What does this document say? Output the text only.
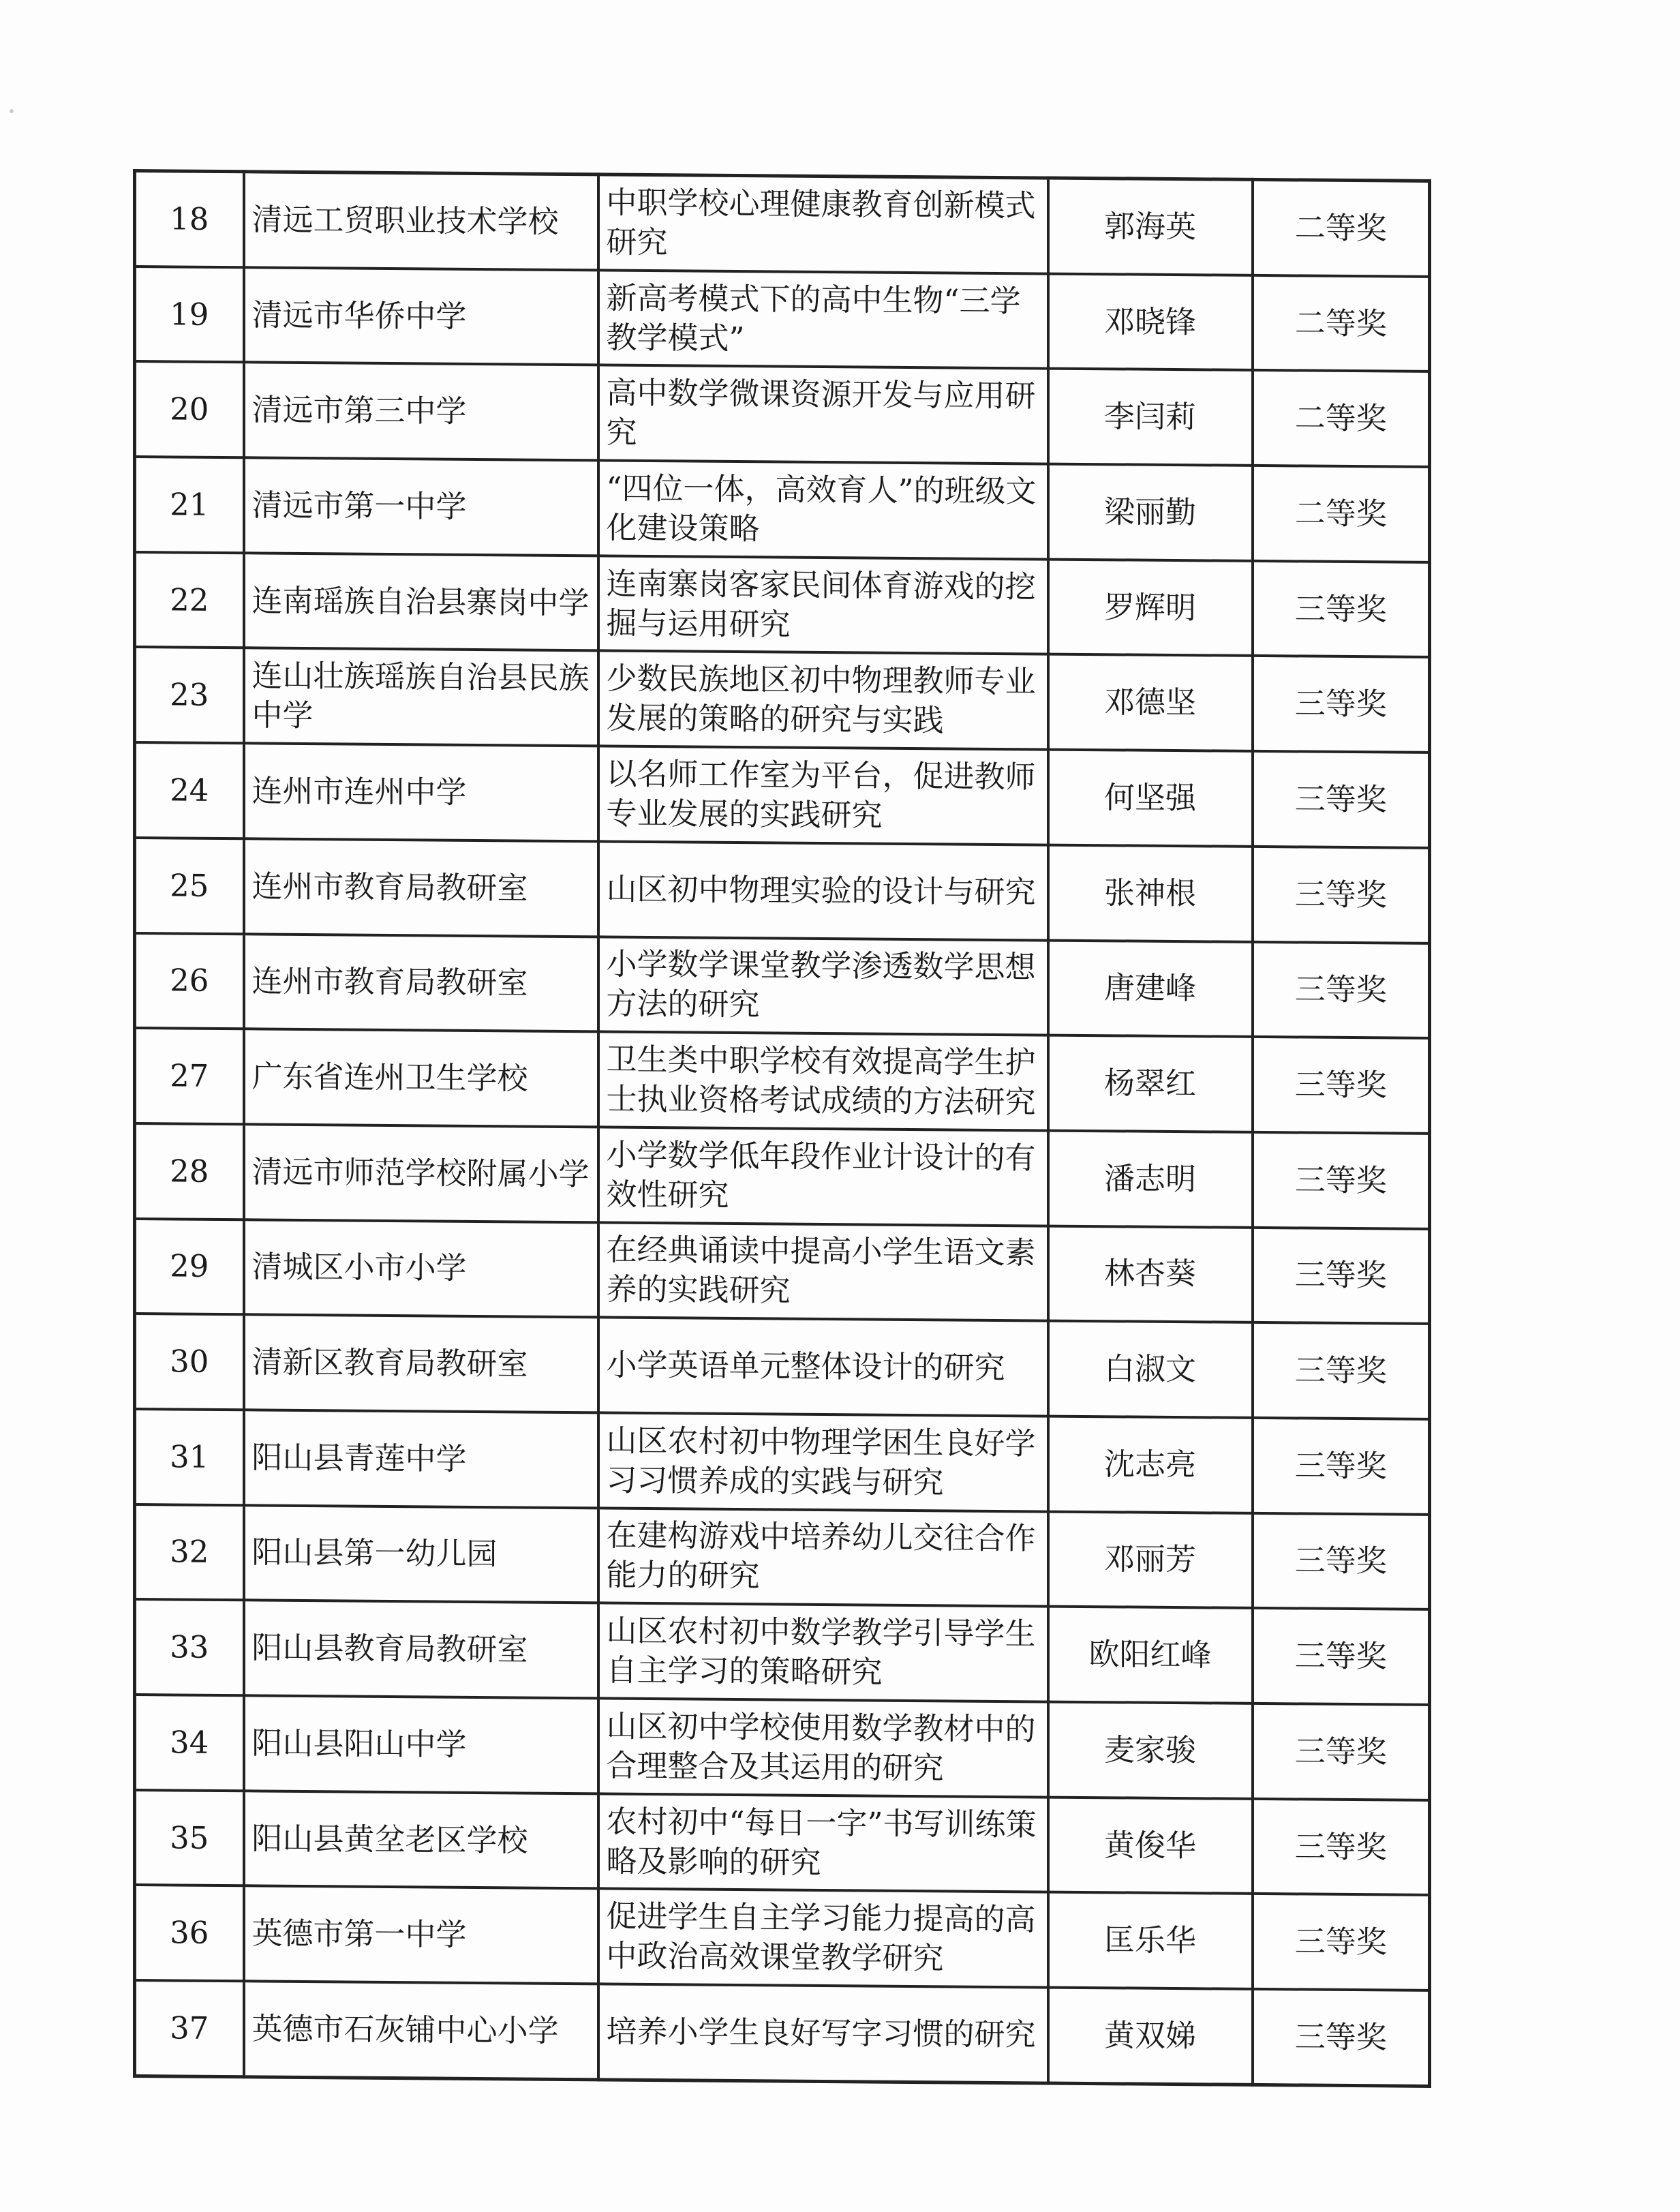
18	清远工贸职业技术学校	中职学校心理健康教育创新模式研究	郭海英	二等奖
19	清远市华侨中学	新高考模式下的高中生物“三学教学模式”	邓晓锋	二等奖
20	清远市第三中学	高中数学微课资源开发与应用研究	李闫莉	二等奖
21	清远市第一中学	“四位一体，高效育人”的班级文化建设策略	梁丽勤	二等奖
22	连南瑶族自治县寨岗中学	连南寨岗客家民间体育游戏的挖掘与运用研究	罗辉明	三等奖
23	连山壮族瑶族自治县民族中学	少数民族地区初中物理教师专业发展的策略的研究与实践	邓德坚	三等奖
24	连州市连州中学	以名师工作室为平台，促进教师专业发展的实践研究	何坚强	三等奖
25	连州市教育局教研室	山区初中物理实验的设计与研究	张神根	三等奖
26	连州市教育局教研室	小学数学课堂教学渗透数学思想方法的研究	唐建峰	三等奖
27	广东省连州卫生学校	卫生类中职学校有效提高学生护士执业资格考试成绩的方法研究	杨翠红	三等奖
28	清远市师范学校附属小学	小学数学低年段作业计设计的有效性研究	潘志明	三等奖
29	清城区小市小学	在经典诵读中提高小学生语文素养的实践研究	林杏葵	三等奖
30	清新区教育局教研室	小学英语单元整体设计的研究	白淑文	三等奖
31	阳山县青莲中学	山区农村初中物理学困生良好学习习惯养成的实践与研究	沈志亮	三等奖
32	阳山县第一幼儿园	在建构游戏中培养幼儿交往合作能力的研究	邓丽芳	三等奖
33	阳山县教育局教研室	山区农村初中数学教学引导学生　自主学习的策略研究	欧阳红峰	三等奖
34	阳山县阳山中学	山区初中学校使用数学教材中的合理整合及其运用的研究	麦家骏	三等奖
35	阳山县黄坌老区学校	农村初中“每日一字”书写训练策略及影响的研究	黄俊华	三等奖
36	英德市第一中学	促进学生自主学习能力提高的高中政治高效课堂教学研究	匡乐华	三等奖
37	英德市石灰铺中心小学	培养小学生良好写字习惯的研究	黄双娣	三等奖
